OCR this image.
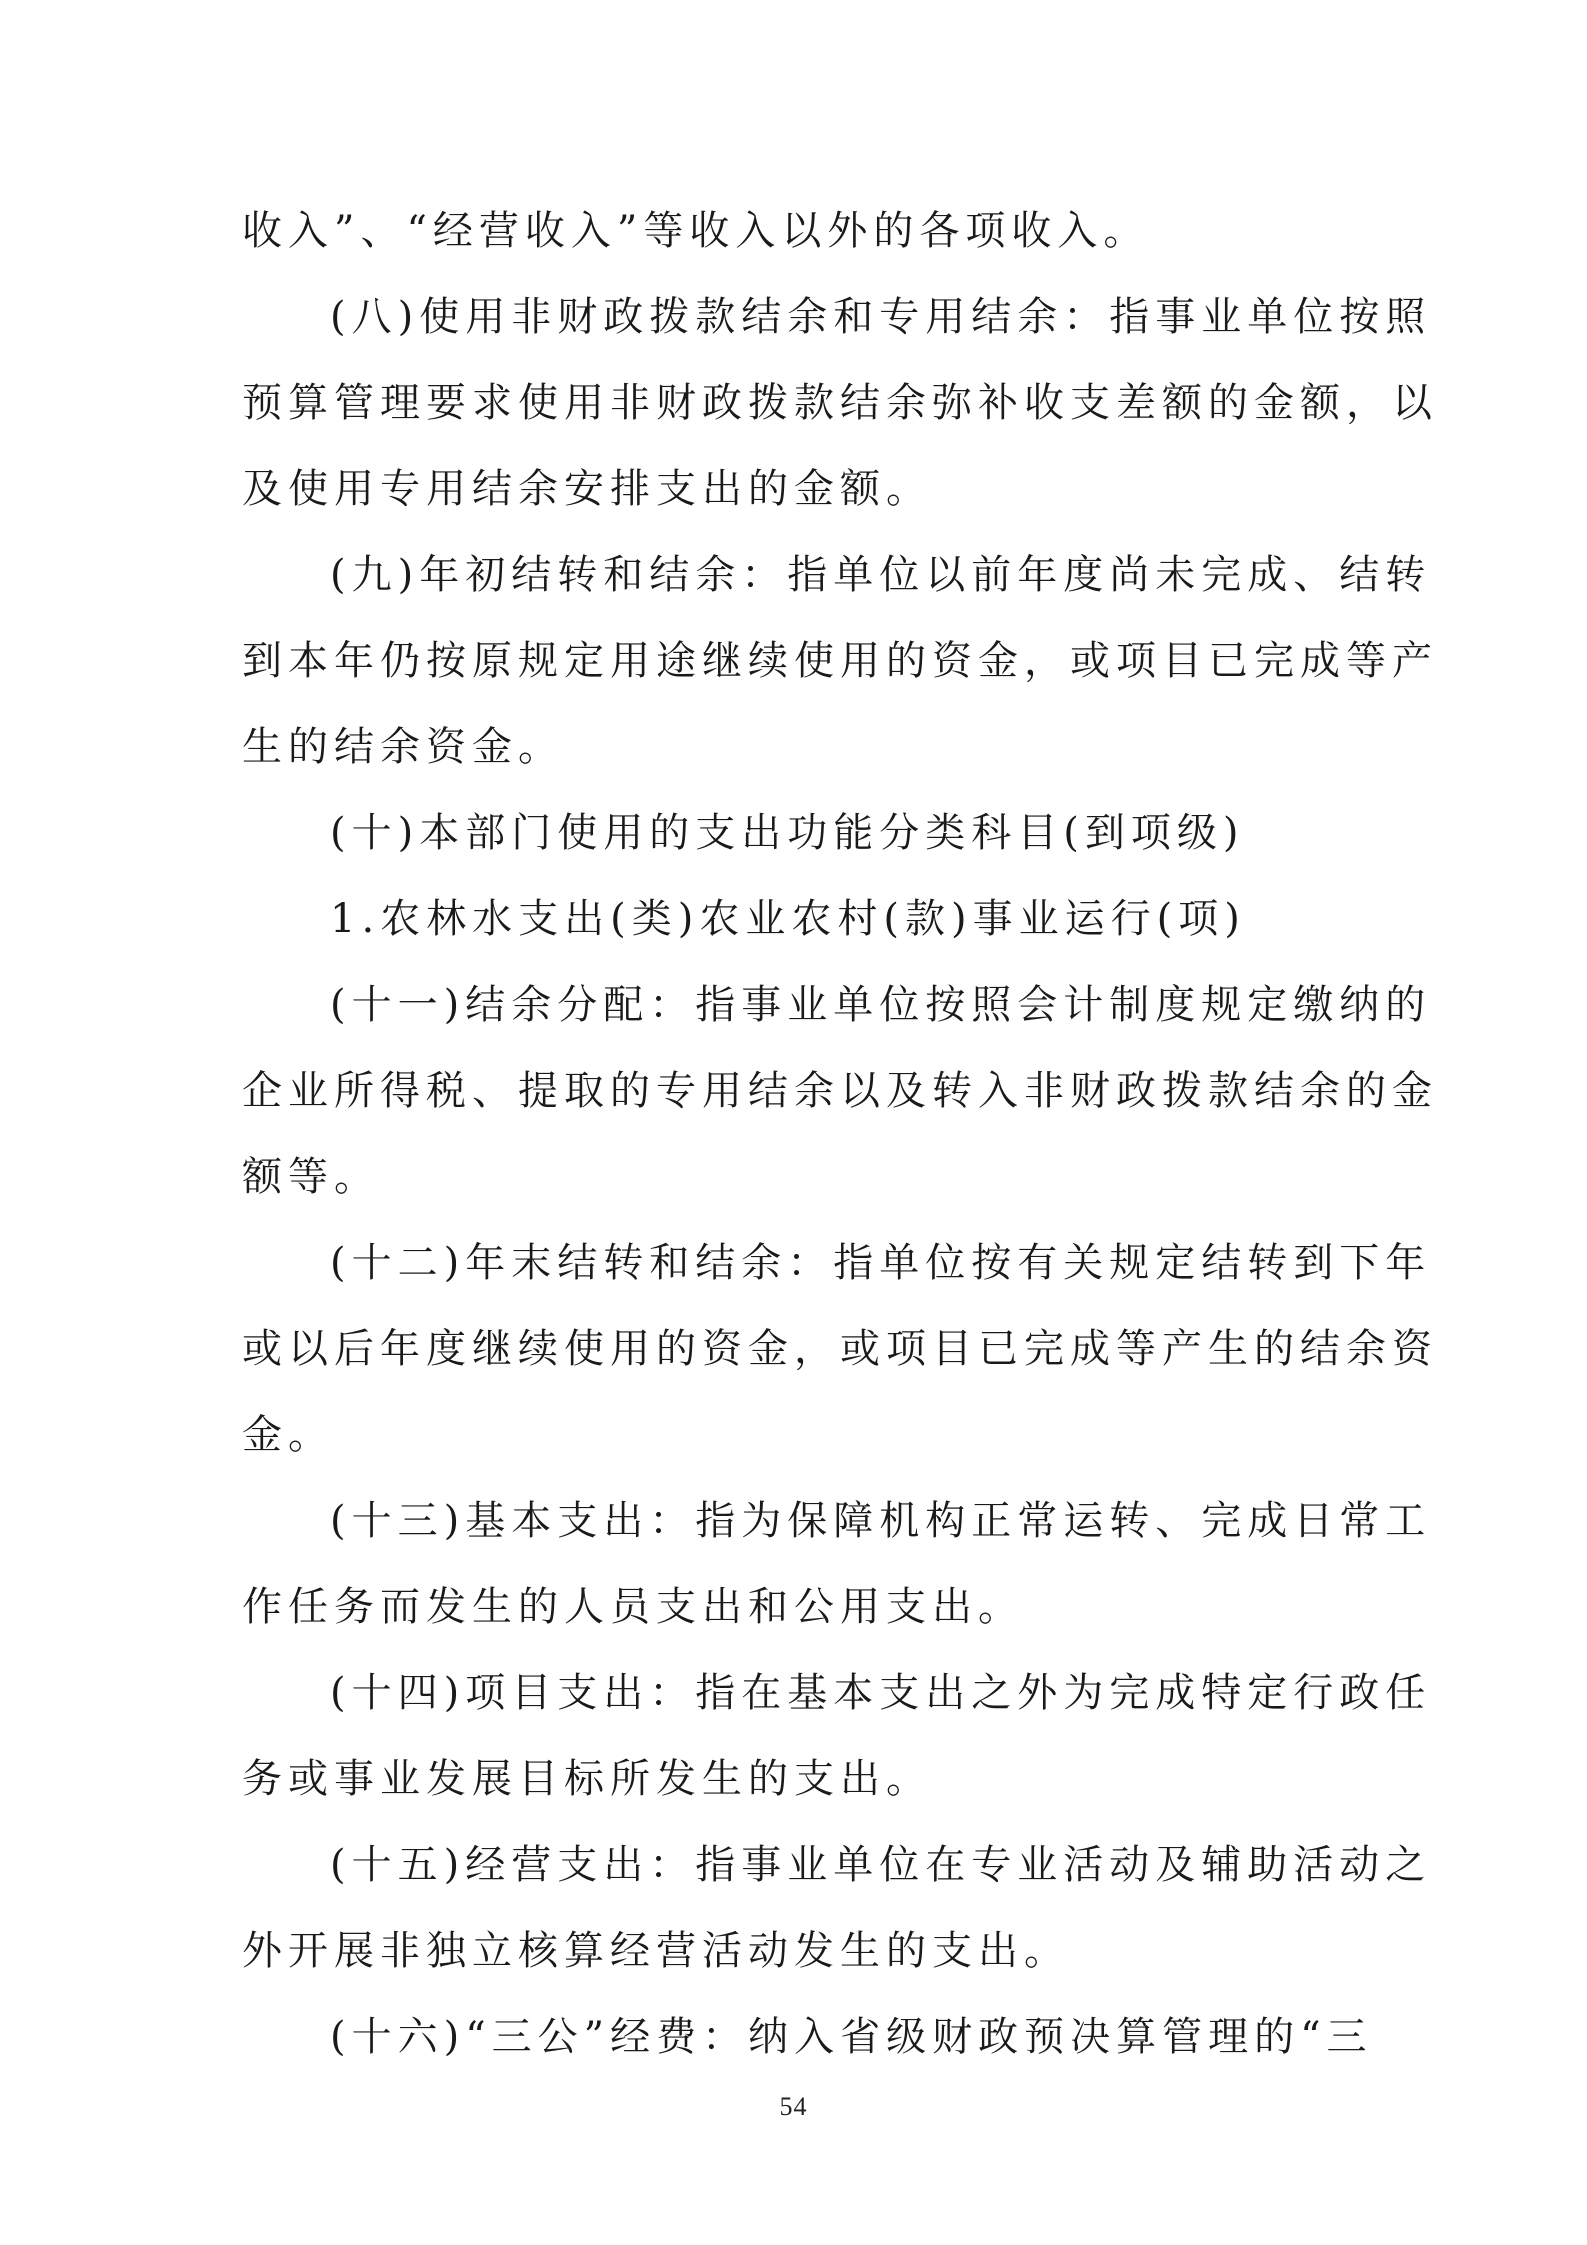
收入”、“经营收入”等收入以外的各项收入。
(八)使用非财政拨款结余和专用结余：指事业单位按照
预算管理要求使用非财政拨款结余弥补收支差额的金额，以
及使用专用结余安排支出的金额。
(九)年初结转和结余：指单位以前年度尚未完成、结转
到本年仍按原规定用途继续使用的资金，或项目已完成等产
生的结余资金。
(十)本部门使用的支出功能分类科目(到项级)
1.农林水支出(类)农业农村(款)事业运行(项)
(十一)结余分配：指事业单位按照会计制度规定缴纳的
企业所得税、提取的专用结余以及转入非财政拨款结余的金
额等。
(十二)年末结转和结余：指单位按有关规定结转到下年
或以后年度继续使用的资金，或项目已完成等产生的结余资
金。
(十三)基本支出：指为保障机构正常运转、完成日常工
作任务而发生的人员支出和公用支出。
(十四)项目支出：指在基本支出之外为完成特定行政任
务或事业发展目标所发生的支出。
(十五)经营支出：指事业单位在专业活动及辅助活动之
外开展非独立核算经营活动发生的支出。
(十六)“三公”经费：纳入省级财政预决算管理的“三
54
